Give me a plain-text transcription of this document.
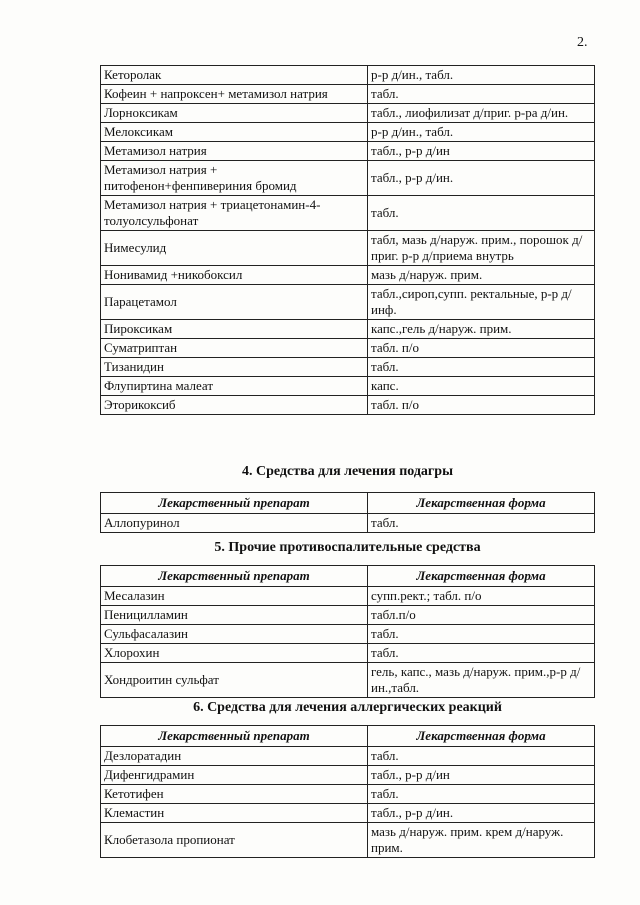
2.
Кеторолак	р-р д/ин., табл.
Кофеин + напроксен+ метамизол натрия	табл.
Лорноксикам	табл., лиофилизат д/приг. р-ра д/ин.
Мелоксикам	р-р д/ин., табл.
Метамизол натрия	табл., р-р д/ин
Метамизол натрия + питофенон+фенпивериния бромид	табл., р-р д/ин.
Метамизол натрия + триацетонамин-4-толуолсульфонат	табл.
Нимесулид	табл, мазь д/наруж. прим., порошок д/приг. р-р д/приема внутрь
Нонивамид +никобоксил	мазь д/наруж. прим.
Парацетамол	табл.,сироп,супп. ректальные, р-р д/инф.
Пироксикам	капс.,гель д/наруж. прим.
Суматриптан	табл. п/о
Тизанидин	табл.
Флупиртина малеат	капс.
Эторикоксиб	табл. п/о
4. Средства для лечения подагры
Лекарственный препарат	Лекарственная форма
Аллопуринол	табл.
5. Прочие противоспалительные средства
Лекарственный препарат	Лекарственная форма
Месалазин	супп.рект.; табл. п/о
Пеницилламин	табл.п/о
Сульфасалазин	табл.
Хлорохин	табл.
Хондроитин сульфат	гель, капс., мазь д/наруж. прим.,р-р д/ин.,табл.
6. Средства для лечения аллергических реакций
Лекарственный препарат	Лекарственная форма
Дезлоратадин	табл.
Дифенгидрамин	табл., р-р д/ин
Кетотифен	табл.
Клемастин	табл., р-р д/ин.
Клобетазола пропионат	мазь д/наруж. прим. крем д/наруж. прим.
